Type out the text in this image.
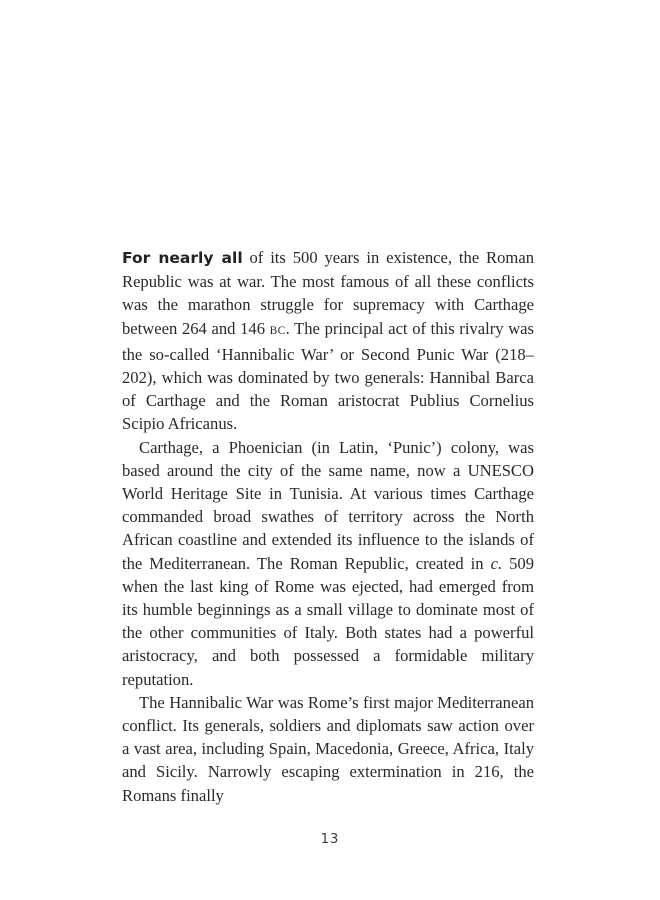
For nearly all of its 500 years in existence, the Roman Republic was at war. The most famous of all these conflicts was the marathon struggle for supremacy with Carthage between 264 and 146 BC. The principal act of this rivalry was the so-called ‘Hannibalic War’ or Second Punic War (218–202), which was dominated by two generals: Hannibal Barca of Carthage and the Roman aristocrat Publius Cornelius Scipio Africanus.

Carthage, a Phoenician (in Latin, ‘Punic’) colony, was based around the city of the same name, now a UNESCO World Heritage Site in Tunisia. At various times Carthage commanded broad swathes of territory across the North African coastline and extended its influence to the islands of the Mediterranean. The Roman Republic, created in c. 509 when the last king of Rome was ejected, had emerged from its humble beginnings as a small village to dominate most of the other communities of Italy. Both states had a powerful aristocracy, and both possessed a formidable military reputation.

The Hannibalic War was Rome’s first major Mediterranean conflict. Its generals, soldiers and diplomats saw action over a vast area, including Spain, Macedonia, Greece, Africa, Italy and Sicily. Narrowly escaping extermination in 216, the Romans finally

13
